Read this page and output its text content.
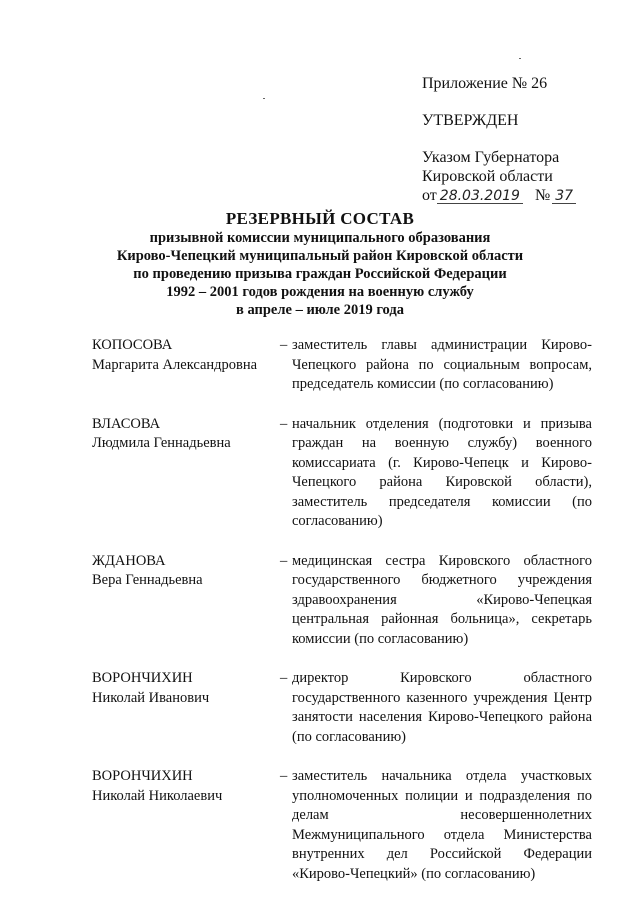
Приложение № 26
УТВЕРЖДЕН
Указом Губернатора
Кировской области
от 28.03.2019 № 37
РЕЗЕРВНЫЙ СОСТАВ
призывной комиссии муниципального образования
Кирово-Чепецкий муниципальный район Кировской области
по проведению призыва граждан Российской Федерации
1992 – 2001 годов рождения на военную службу
в апреле – июле 2019 года
КОПОСОВА
Маргарита Александровна
– заместитель главы администрации Кирово-Чепецкого района по социальным вопросам, председатель комиссии (по согласованию)
ВЛАСОВА
Людмила Геннадьевна
– начальник отделения (подготовки и призыва граждан на военную службу) военного комиссариата (г. Кирово-Чепецк и Кирово-Чепецкого района Кировской области), заместитель председателя комиссии (по согласованию)
ЖДАНОВА
Вера Геннадьевна
– медицинская сестра Кировского областного государственного бюджетного учреждения здравоохранения «Кирово-Чепецкая центральная районная больница», секретарь комиссии (по согласованию)
ВОРОНЧИХИН
Николай Иванович
– директор Кировского областного государственного казенного учреждения Центр занятости населения Кирово-Чепецкого района (по согласованию)
ВОРОНЧИХИН
Николай Николаевич
– заместитель начальника отдела участковых уполномоченных полиции и подразделения по делам несовершеннолетних Межмуниципального отдела Министерства внутренних дел Российской Федерации «Кирово-Чепецкий» (по согласованию)
